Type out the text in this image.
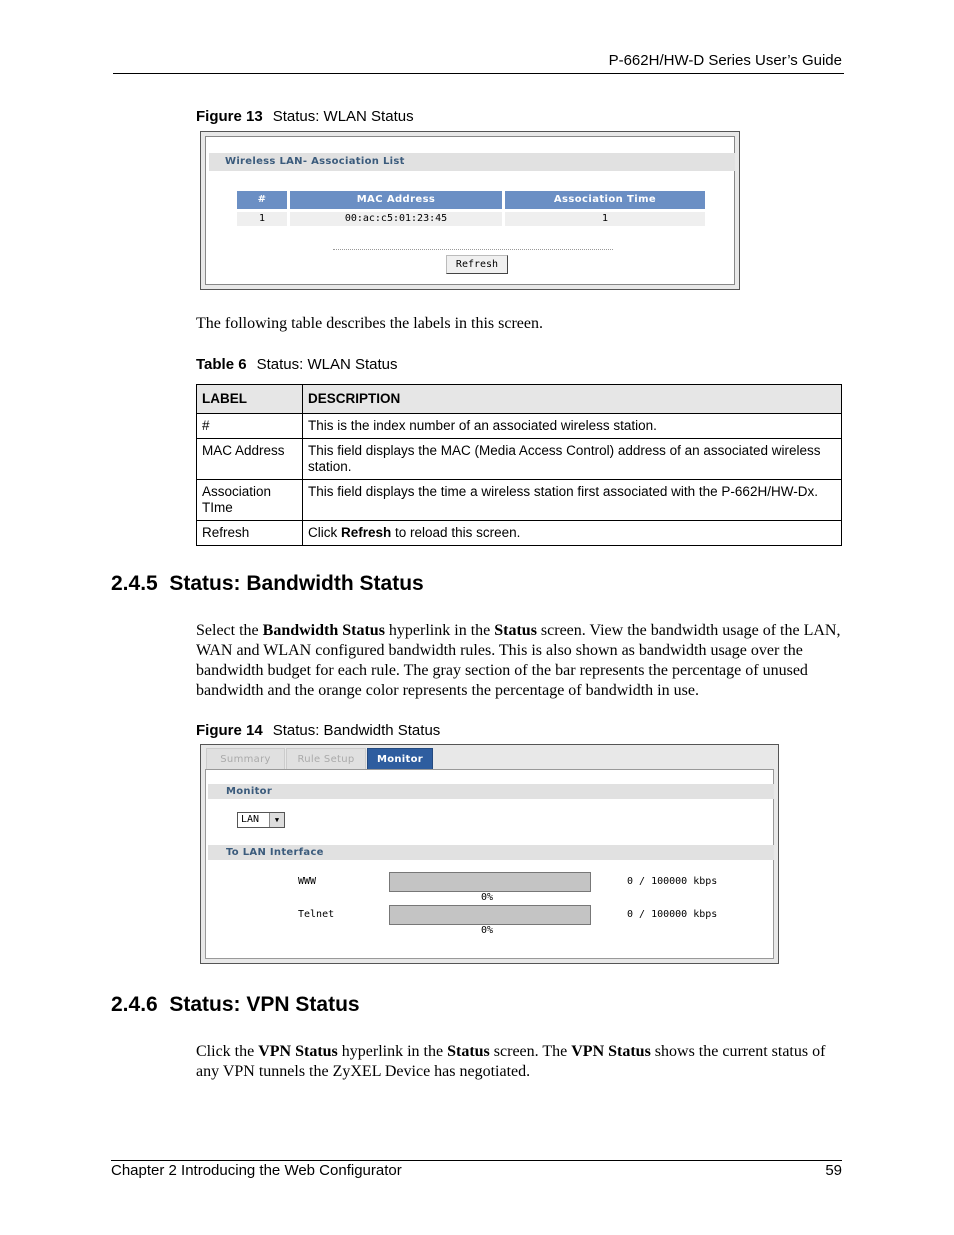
P-662H/HW-D Series User’s Guide
Figure 13 Status: WLAN Status
Wireless LAN- Association List
#	MAC Address	Association Time
1	00:ac:c5:01:23:45	1
Refresh
The following table describes the labels in this screen.
Table 6 Status: WLAN Status
LABEL	DESCRIPTION
#	This is the index number of an associated wireless station.
MAC Address	This field displays the MAC (Media Access Control) address of an associated wireless station.
Association TIme	This field displays the time a wireless station first associated with the P-662H/HW-Dx.
Refresh	Click Refresh to reload this screen.
2.4.5  Status: Bandwidth Status
Select the Bandwidth Status hyperlink in the Status screen. View the bandwidth usage of the LAN, WAN and WLAN configured bandwidth rules. This is also shown as bandwidth usage over the bandwidth budget for each rule. The gray section of the bar represents the percentage of unused bandwidth and the orange color represents the percentage of bandwidth in use.
Figure 14 Status: Bandwidth Status
Summary	Rule Setup	Monitor
Monitor
LAN	▼
To LAN Interface
WWW
0%
0 / 100000 kbps
Telnet
0%
0 / 100000 kbps
2.4.6  Status: VPN Status
Click the VPN Status hyperlink in the Status screen. The VPN Status shows the current status of any VPN tunnels the ZyXEL Device has negotiated.
Chapter 2 Introducing the Web Configurator	59
